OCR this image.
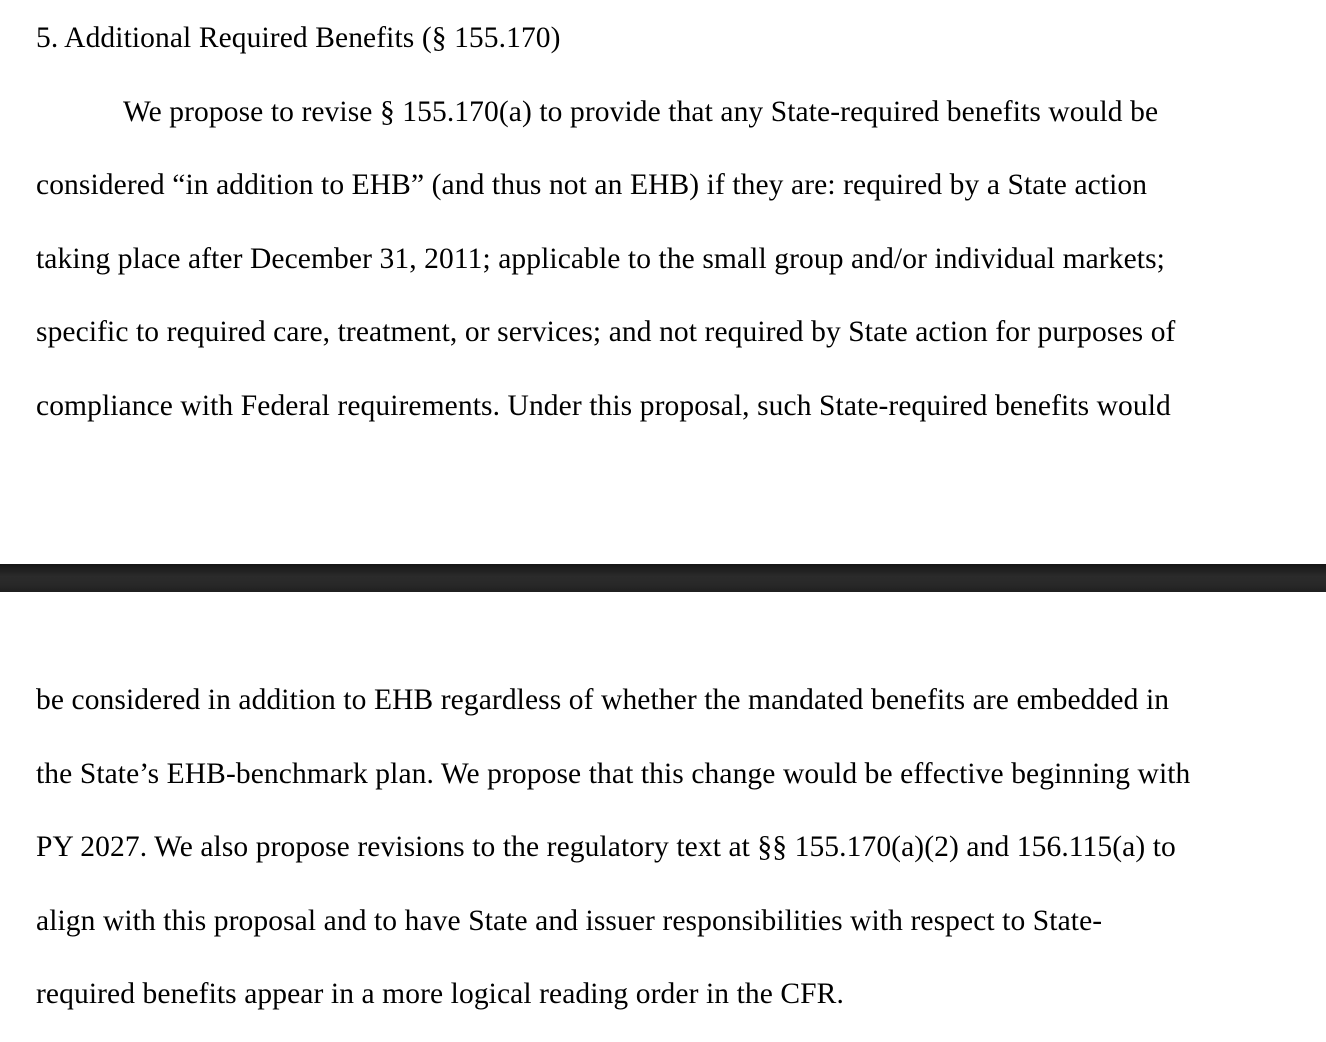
5. Additional Required Benefits (§ 155.170)
We propose to revise § 155.170(a) to provide that any State-required benefits would be
considered “in addition to EHB” (and thus not an EHB) if they are: required by a State action
taking place after December 31, 2011; applicable to the small group and/or individual markets;
specific to required care, treatment, or services; and not required by State action for purposes of
compliance with Federal requirements. Under this proposal, such State-required benefits would
be considered in addition to EHB regardless of whether the mandated benefits are embedded in
the State’s EHB-benchmark plan. We propose that this change would be effective beginning with
PY 2027. We also propose revisions to the regulatory text at §§ 155.170(a)(2) and 156.115(a) to
align with this proposal and to have State and issuer responsibilities with respect to State-
required benefits appear in a more logical reading order in the CFR.
